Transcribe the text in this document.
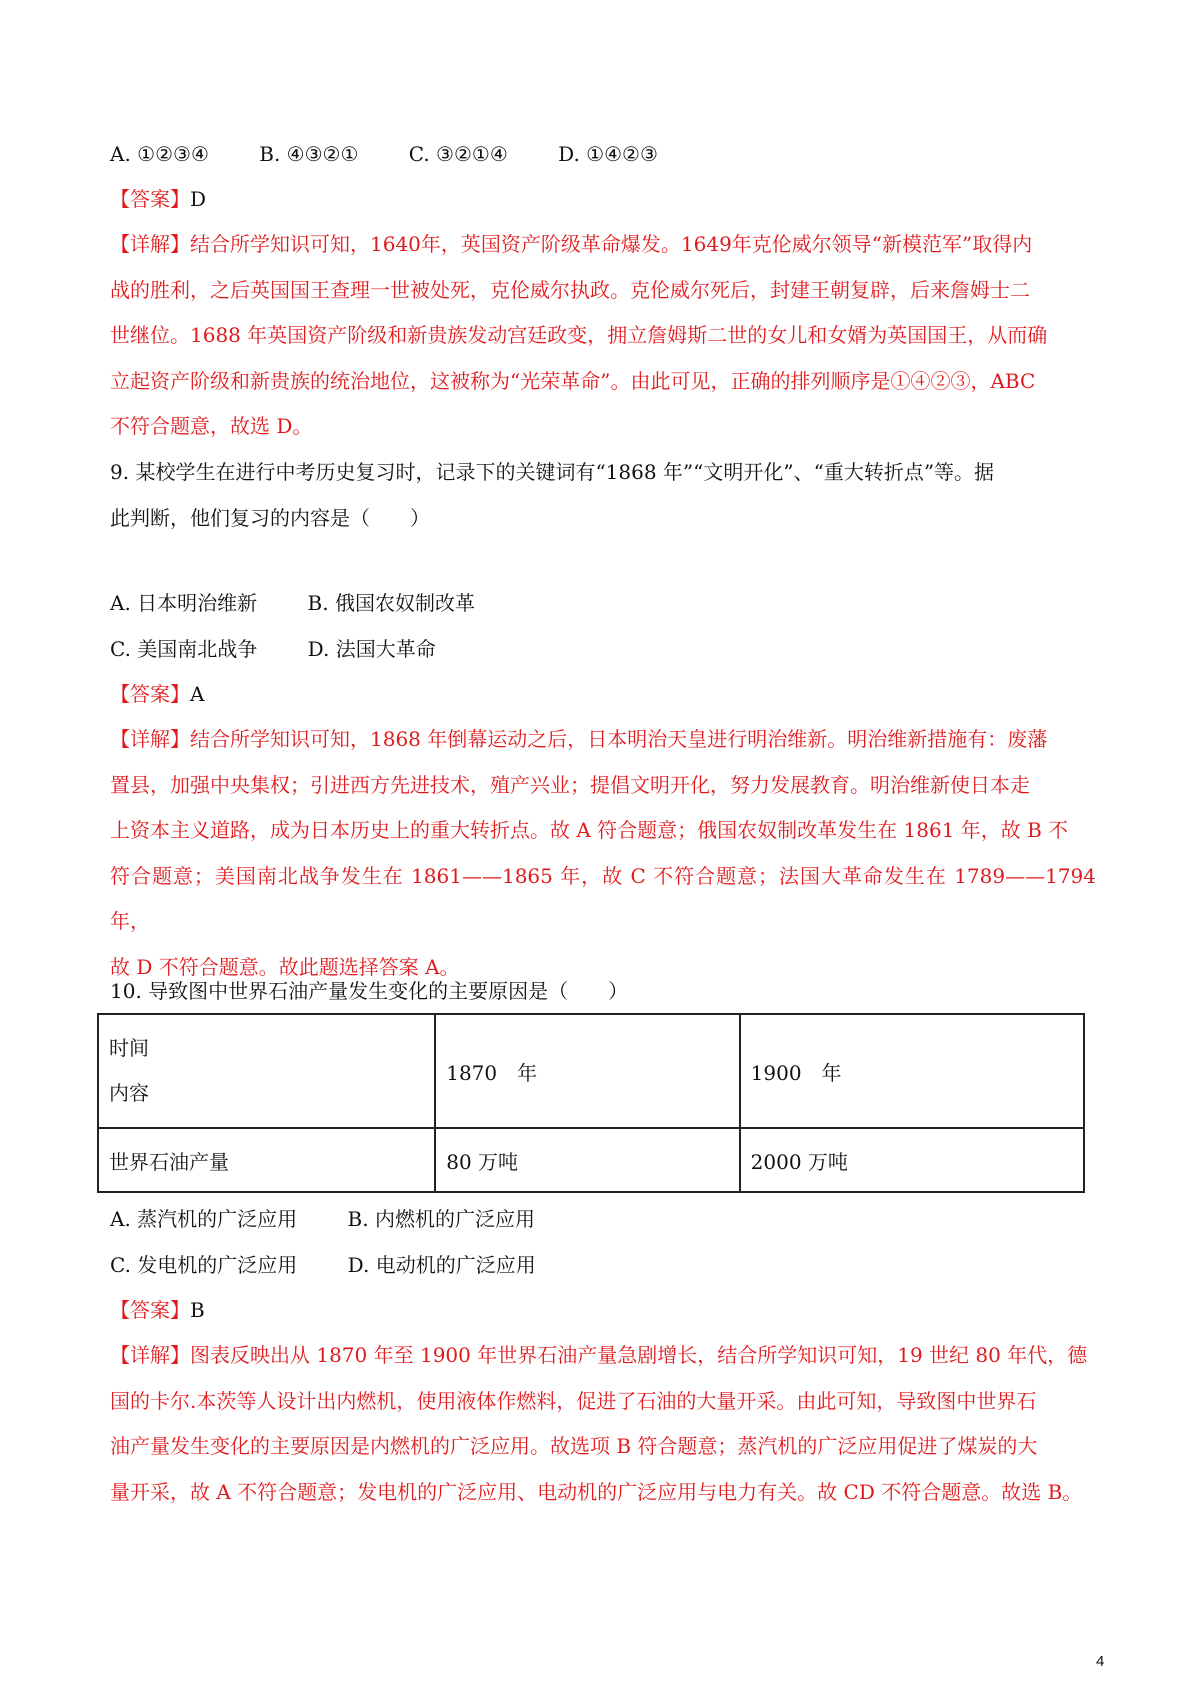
A. ①②③④	B. ④③②①	C. ③②①④	D. ①④②③
【答案】D
【详解】结合所学知识可知，1640年，英国资产阶级革命爆发。1649年克伦威尔领导“新模范军”取得内
战的胜利，之后英国国王查理一世被处死，克伦威尔执政。克伦威尔死后，封建王朝复辟，后来詹姆士二
世继位。1688 年英国资产阶级和新贵族发动宫廷政变，拥立詹姆斯二世的女儿和女婿为英国国王，从而确
立起资产阶级和新贵族的统治地位，这被称为“光荣革命”。由此可见，正确的排列顺序是①④②③，ABC
不符合题意，故选 D。
9. 某校学生在进行中考历史复习时，记录下的关键词有“1868 年”“文明开化”、“重大转折点”等。据
此判断，他们复习的内容是（　　）
A. 日本明治维新	B. 俄国农奴制改革
C. 美国南北战争	D. 法国大革命
【答案】A
【详解】结合所学知识可知，1868 年倒幕运动之后，日本明治天皇进行明治维新。明治维新措施有：废藩
置县，加强中央集权；引进西方先进技术，殖产兴业；提倡文明开化，努力发展教育。明治维新使日本走
上资本主义道路，成为日本历史上的重大转折点。故 A 符合题意；俄国农奴制改革发生在 1861 年，故 B 不
符合题意；美国南北战争发生在 1861——1865 年，故 C 不符合题意；法国大革命发生在 1789——1794 年，
故 D 不符合题意。故此题选择答案 A。
10. 导致图中世界石油产量发生变化的主要原因是（　　）
时间
内容	1870　年	1900　年
世界石油产量	80 万吨	2000 万吨
A. 蒸汽机的广泛应用	B. 内燃机的广泛应用
C. 发电机的广泛应用	D. 电动机的广泛应用
【答案】B
【详解】图表反映出从 1870 年至 1900 年世界石油产量急剧增长，结合所学知识可知，19 世纪 80 年代，德
国的卡尔.本茨等人设计出内燃机，使用液体作燃料，促进了石油的大量开采。由此可知，导致图中世界石
油产量发生变化的主要原因是内燃机的广泛应用。故选项 B 符合题意；蒸汽机的广泛应用促进了煤炭的大
量开采，故 A 不符合题意；发电机的广泛应用、电动机的广泛应用与电力有关。故 CD 不符合题意。故选 B。
4
